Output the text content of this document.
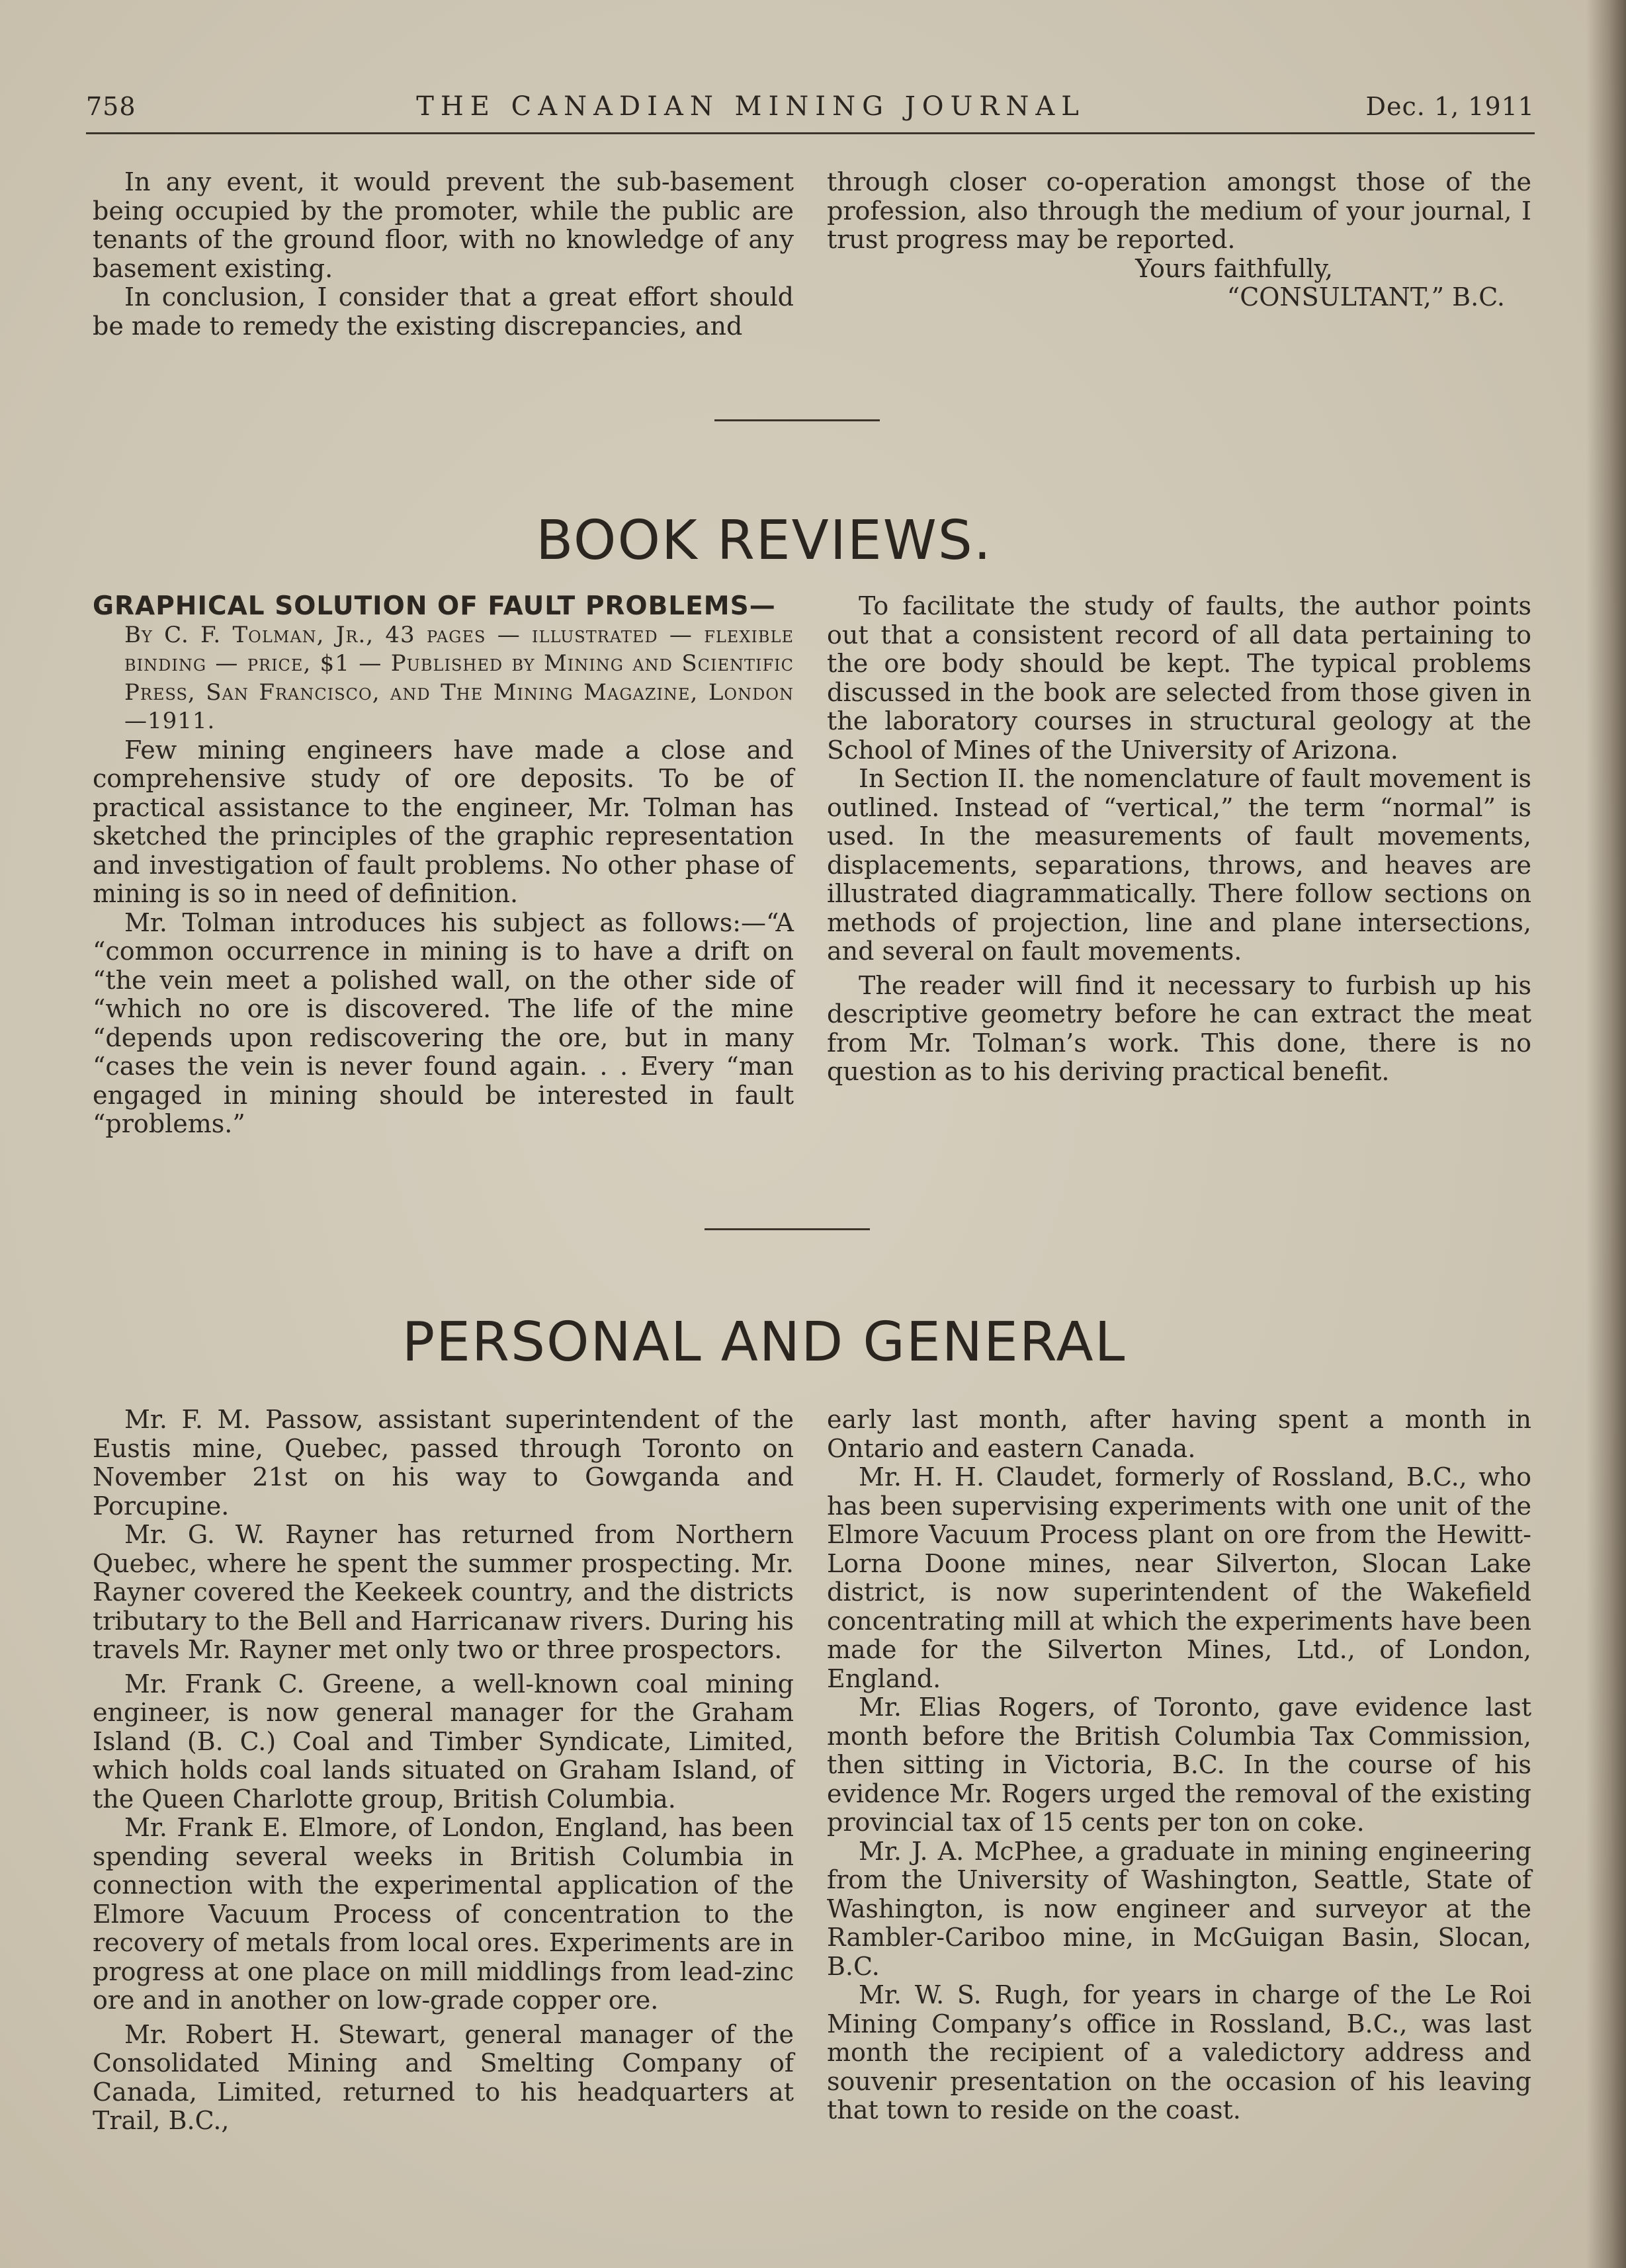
758	THE CANADIAN MINING JOURNAL	Dec. 1, 1911

In any event, it would prevent the sub-basement being occupied by the promoter, while the public are tenants of the ground floor, with no knowledge of any basement existing.

In conclusion, I consider that a great effort should be made to remedy the existing discrepancies, and

through closer co-operation amongst those of the profession, also through the medium of your journal, I trust progress may be reported.

Yours faithfully,

“CONSULTANT,” B.C.

BOOK REVIEWS.

GRAPHICAL SOLUTION OF FAULT PROBLEMS—

By C. F. Tolman, Jr., 43 pages — illustrated — flexible binding — price, $1 — Published by Mining and Scientific Press, San Francisco, and The Mining Magazine, London—1911.

Few mining engineers have made a close and comprehensive study of ore deposits. To be of practical assistance to the engineer, Mr. Tolman has sketched the principles of the graphic representation and investigation of fault problems. No other phase of mining is so in need of definition.

Mr. Tolman introduces his subject as follows:—“A “common occurrence in mining is to have a drift on “the vein meet a polished wall, on the other side of “which no ore is discovered. The life of the mine “depends upon rediscovering the ore, but in many “cases the vein is never found again. . . Every “man engaged in mining should be interested in fault “problems.”

To facilitate the study of faults, the author points out that a consistent record of all data pertaining to the ore body should be kept. The typical problems discussed in the book are selected from those given in the laboratory courses in structural geology at the School of Mines of the University of Arizona.

In Section II. the nomenclature of fault movement is outlined. Instead of “vertical,” the term “normal” is used. In the measurements of fault movements, displacements, separations, throws, and heaves are illustrated diagrammatically. There follow sections on methods of projection, line and plane intersections, and several on fault movements.

The reader will find it necessary to furbish up his descriptive geometry before he can extract the meat from Mr. Tolman’s work. This done, there is no question as to his deriving practical benefit.

PERSONAL AND GENERAL

Mr. F. M. Passow, assistant superintendent of the Eustis mine, Quebec, passed through Toronto on November 21st on his way to Gowganda and Porcupine.

Mr. G. W. Rayner has returned from Northern Quebec, where he spent the summer prospecting. Mr. Rayner covered the Keekeek country, and the districts tributary to the Bell and Harricanaw rivers. During his travels Mr. Rayner met only two or three prospectors.

Mr. Frank C. Greene, a well-known coal mining engineer, is now general manager for the Graham Island (B. C.) Coal and Timber Syndicate, Limited, which holds coal lands situated on Graham Island, of the Queen Charlotte group, British Columbia.

Mr. Frank E. Elmore, of London, England, has been spending several weeks in British Columbia in connection with the experimental application of the Elmore Vacuum Process of concentration to the recovery of metals from local ores. Experiments are in progress at one place on mill middlings from lead-zinc ore and in another on low-grade copper ore.

Mr. Robert H. Stewart, general manager of the Consolidated Mining and Smelting Company of Canada, Limited, returned to his headquarters at Trail, B.C.,

early last month, after having spent a month in Ontario and eastern Canada.

Mr. H. H. Claudet, formerly of Rossland, B.C., who has been supervising experiments with one unit of the Elmore Vacuum Process plant on ore from the Hewitt-Lorna Doone mines, near Silverton, Slocan Lake district, is now superintendent of the Wakefield concentrating mill at which the experiments have been made for the Silverton Mines, Ltd., of London, England.

Mr. Elias Rogers, of Toronto, gave evidence last month before the British Columbia Tax Commission, then sitting in Victoria, B.C. In the course of his evidence Mr. Rogers urged the removal of the existing provincial tax of 15 cents per ton on coke.

Mr. J. A. McPhee, a graduate in mining engineering from the University of Washington, Seattle, State of Washington, is now engineer and surveyor at the Rambler-Cariboo mine, in McGuigan Basin, Slocan, B.C.

Mr. W. S. Rugh, for years in charge of the Le Roi Mining Company’s office in Rossland, B.C., was last month the recipient of a valedictory address and souvenir presentation on the occasion of his leaving that town to reside on the coast.
